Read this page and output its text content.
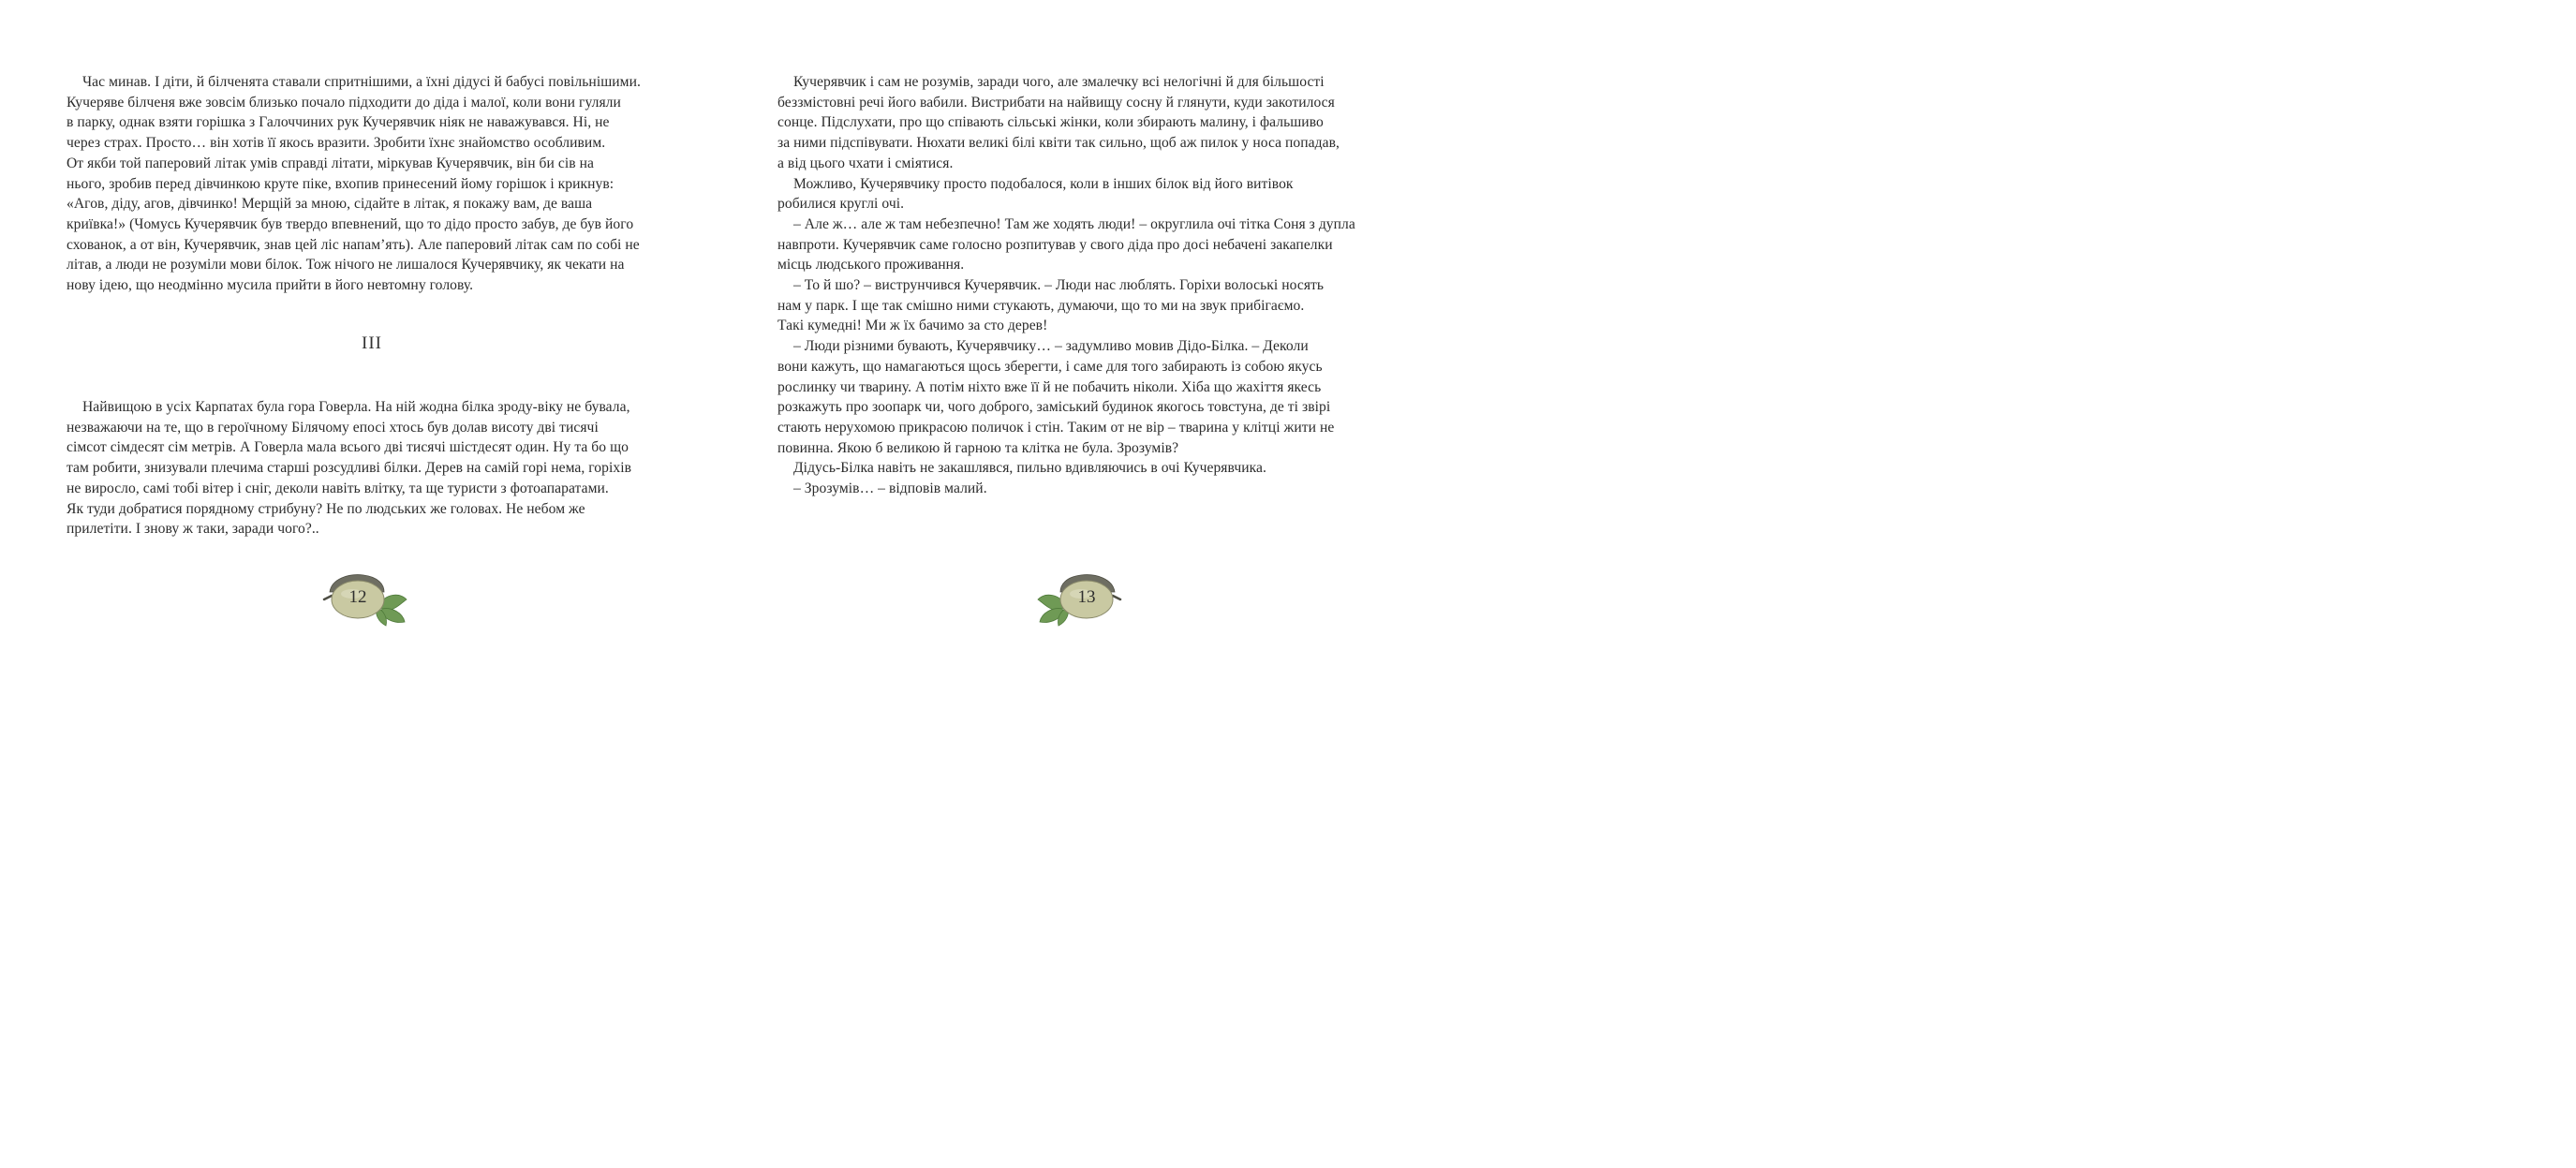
Час минав. І діти, й білченята ставали спритнішими, а їхні дідусі й бабусі повільнішими.
Кучеряве білченя вже зовсім близько почало підходити до діда і малої, коли вони гуляли
в парку, однак взяти горішка з Галоччиних рук Кучерявчик ніяк не наважувався. Ні, не
через страх. Просто… він хотів її якось вразити. Зробити їхнє знайомство особливим.
От якби той паперовий літак умів справді літати, міркував Кучерявчик, він би сів на
нього, зробив перед дівчинкою круте піке, вхопив принесений йому горішок і крикнув:
«Агов, діду, агов, дівчинко! Мерщій за мною, сідайте в літак, я покажу вам, де ваша
криївка!» (Чомусь Кучерявчик був твердо впевнений, що то дідо просто забув, де був його
схованок, а от він, Кучерявчик, знав цей ліс напам’ять). Але паперовий літак сам по собі не
літав, а люди не розуміли мови білок. Тож нічого не лишалося Кучерявчику, як чекати на
нову ідею, що неодмінно мусила прийти в його невтомну голову.
III
Найвищою в усіх Карпатах була гора Говерла. На ній жодна білка зроду-віку не бувала,
незважаючи на те, що в героїчному Білячому епосі хтось був долав висоту дві тисячі
сімсот сімдесят сім метрів. А Говерла мала всього дві тисячі шістдесят один. Ну та бо що
там робити, знизували плечима старші розсудливі білки. Дерев на самій горі нема, горіхів
не виросло, самі тобі вітер і сніг, деколи навіть влітку, та ще туристи з фотоапаратами.
Як туди добратися порядному стрибуну? Не по людських же головах. Не небом же
прилетіти. І знову ж таки, заради чого?..
12
Кучерявчик і сам не розумів, заради чого, але змалечку всі нелогічні й для більшості
беззмістовні речі його вабили. Вистрибати на найвищу сосну й глянути, куди закотилося
сонце. Підслухати, про що співають сільські жінки, коли збирають малину, і фальшиво
за ними підспівувати. Нюхати великі білі квіти так сильно, щоб аж пилок у носа попадав,
а від цього чхати і сміятися.
Можливо, Кучерявчику просто подобалося, коли в інших білок від його витівок
робилися круглі очі.
– Але ж… але ж там небезпечно! Там же ходять люди! – округлила очі тітка Соня з дупла
навпроти. Кучерявчик саме голосно розпитував у свого діда про досі небачені закапелки
місць людського проживання.
– То й шо? – виструнчився Кучерявчик. – Люди нас люблять. Горіхи волоські носять
нам у парк. І ще так смішно ними стукають, думаючи, що то ми на звук прибігаємо.
Такі кумедні! Ми ж їх бачимо за сто дерев!
– Люди різними бувають, Кучерявчику… – задумливо мовив Дідо-Білка. – Деколи
вони кажуть, що намагаються щось зберегти, і саме для того забирають із собою якусь
рослинку чи тварину. А потім ніхто вже її й не побачить ніколи. Хіба що жахіття якесь
розкажуть про зоопарк чи, чого доброго, заміський будинок якогось товстуна, де ті звірі
стають нерухомою прикрасою поличок і стін. Таким от не вір – тварина у клітці жити не
повинна. Якою б великою й гарною та клітка не була. Зрозумів?
Дідусь-Білка навіть не закашлявся, пильно вдивляючись в очі Кучерявчика.
– Зрозумів… – відповів малий.
13
